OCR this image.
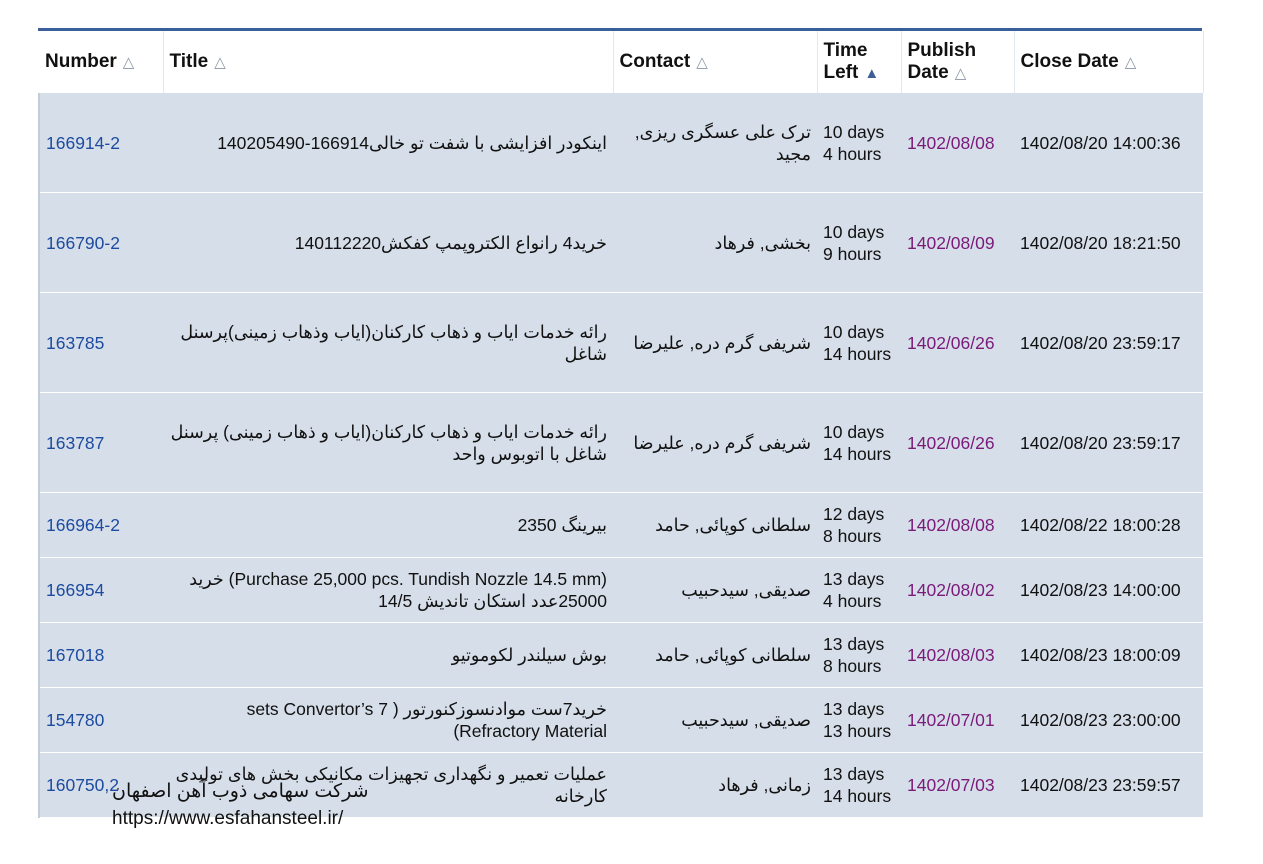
Number △	Title △	Contact △	Time
Left ▲	Publish
Date △	Close Date △
166914-2	اینکودر افزایشی با شفت تو خالی166914-140205490	ترک علی عسگری ریزی, مجید	10 days
4 hours	1402/08/08	1402/08/20 14:00:36
166790-2	خرید4 رانواع الکتروپمپ کفکش140112220	بخشی, فرهاد	10 days
9 hours	1402/08/09	1402/08/20 18:21:50
163785	رائه خدمات ایاب و ذهاب کارکنان(ایاب وذهاب زمینی)پرسنل شاغل	شریفی گرم دره, علیرضا	10 days
14 hours	1402/06/26	1402/08/20 23:59:17
163787	رائه خدمات ایاب و ذهاب کارکنان(ایاب و ذهاب زمینی) پرسنل شاغل با اتوبوس واحد	شریفی گرم دره, علیرضا	10 days
14 hours	1402/06/26	1402/08/20 23:59:17
166964-2	بیرینگ 2350	سلطانی کوپائی, حامد	12 days
8 hours	1402/08/08	1402/08/22 18:00:28
166954	(Purchase 25,000 pcs. Tundish Nozzle 14.5 mm) خرید 25000عدد استکان تاندیش 14/5	صدیقی, سیدحبیب	13 days
4 hours	1402/08/02	1402/08/23 14:00:00
167018	بوش سیلندر لکوموتیو	سلطانی کوپائی, حامد	13 days
8 hours	1402/08/03	1402/08/23 18:00:09
154780	خرید7ست موادنسوزکنورتور ( 7 sets Convertor’s Refractory Material)	صدیقی, سیدحبیب	13 days
13 hours	1402/07/01	1402/08/23 23:00:00
160750,2	عملیات تعمیر و نگهداری تجهیزات مکانیکی بخش های تولیدی کارخانه	زمانی, فرهاد	13 days
14 hours	1402/07/03	1402/08/23 23:59:57
شرکت سهامی ذوب آهن اصفهان
https://www.esfahansteel.ir/
